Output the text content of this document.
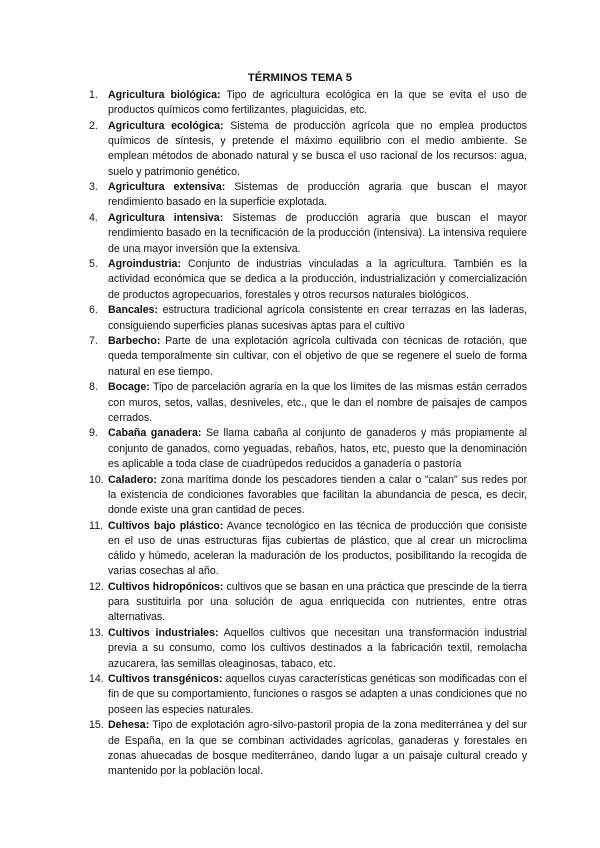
TÉRMINOS TEMA 5
1. Agricultura biológica: Tipo de agricultura ecológica en la que se evita el uso de productos químicos como fertilizantes, plaguicidas, etc.
2. Agricultura ecológica: Sistema de producción agrícola que no emplea productos químicos de síntesis, y pretende el máximo equilibrio con el medio ambiente. Se emplean métodos de abonado natural y se busca el uso racional de los recursos: agua, suelo y patrimonio genético.
3. Agricultura extensiva: Sistemas de producción agraria que buscan el mayor rendimiento basado en la superficie explotada.
4. Agricultura intensiva: Sistemas de producción agraria que buscan el mayor rendimiento basado en la tecnificación de la producción (intensiva). La intensiva requiere de una mayor inversión que la extensiva.
5. Agroindustria: Conjunto de industrias vinculadas a la agricultura. También es la actividad económica que se dedica a la producción, industrialización y comercialización de productos agropecuarios, forestales y otros recursos naturales biológicos.
6. Bancales: estructura tradicional agrícola consistente en crear terrazas en las laderas, consiguiendo superficies planas sucesivas aptas para el cultivo
7. Barbecho: Parte de una explotación agrícola cultivada con técnicas de rotación, que queda temporalmente sin cultivar, con el objetivo de que se regenere el suelo de forma natural en ese tiempo.
8. Bocage: Tipo de parcelación agraria en la que los límites de las mismas están cerrados con muros, setos, vallas, desniveles, etc., que le dan el nombre de paisajes de campos cerrados.
9. Cabaña ganadera: Se llama cabaña al conjunto de ganaderos y más propiamente al conjunto de ganados, como yeguadas, rebaños, hatos, etc, puesto que la denominación es aplicable a toda clase de cuadrúpedos reducidos a ganadería o pastoría
10. Caladero: zona marítima donde los pescadores tienden a calar o "calan" sus redes por la existencia de condiciones favorables que facilitan la abundancia de pesca, es decir, donde existe una gran cantidad de peces.
11. Cultivos bajo plástico: Avance tecnológico en las técnica de producción que consiste en el uso de unas estructuras fijas cubiertas de plástico, que al crear un microclima cálido y húmedo, aceleran la maduración de los productos, posibilitando la recogida de varias cosechas al año.
12. Cultivos hidropónicos: cultivos que se basan en una práctica que prescinde de la tierra para sustituirla por una solución de agua enriquecida con nutrientes, entre otras alternativas.
13. Cultivos industriales: Aquellos cultivos que necesitan una transformación industrial previa a su consumo, como los cultivos destinados a la fabricación textil, remolacha azucarera, las semillas oleaginosas, tabaco, etc.
14. Cultivos transgénicos: aquellos cuyas características genéticas son modificadas con el fin de que su comportamiento, funciones o rasgos se adapten a unas condiciones que no poseen las especies naturales.
15. Dehesa: Tipo de explotación agro-silvo-pastoril propia de la zona mediterránea y del sur de España, en la que se combinan actividades agrícolas, ganaderas y forestales en zonas ahuecadas de bosque mediterráneo, dando lugar a un paisaje cultural creado y mantenido por la población local.
